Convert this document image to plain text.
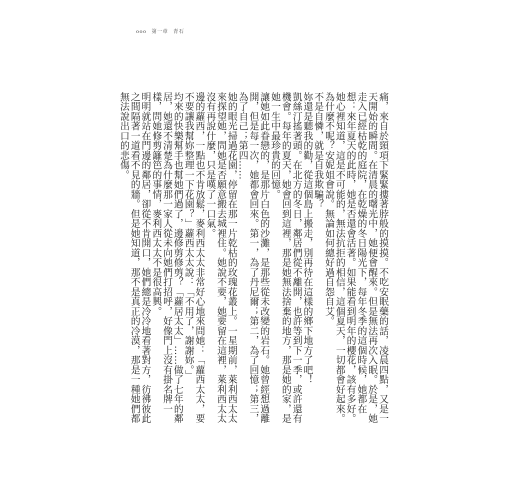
ooo 第一章 青石

痛，來自於頸項下緊緊摟著脖般的摸摸。不吃安眠藥的話，凌晨四點，又是一天開始的瞬間。在清晨的曙光中，她便會醒來。但是無法再次入眠。於是，她走入已經枯乾的庭院，在乾燥的冬日陽光下，每年冬季的這個時候，她都在想：來年夏天的此時，她是否還會活著。如果能看到明年的櫻花，該有多好。她心裡知道，這是不可能的，無法抗拒的相信，這個夏天，一切都會好起來。

為什麼不呢？安妮姐會說。無論如何總好過自怨自艾。

不是自憐，就是自我欺騙？

妳還是聽我的勸，從這個島上搬走，別再待在這樣的鄉下地方了吧！

凱絲汀搖著頭。在北方的冬日，鄰居們從不離開，也許等到下一季，或許還有機會。每年的夏天，她會回到這裡，那是她無法捨棄的地方，那是她的家，是她一生中最珍貴的回憶。

讓她如此眷戀的，是那片白色的沙灘，是那些從未改變的岩石。她曾經想過離開，但是每一次，她都會回來。第一，為了丹尼爾；第二，為了回憶；第三，為了自己；第四……

她的眼光掃過花園，停留在那一片乾枯的玫瑰花叢上。一星期前，萊利西太太來探望她，問她是否願意搬去城裡住。她說不要，她要留在這裡，萊利西太太沒有再說什麼，只是嘆了一口氣。

邊的蘿西，一點也不肯放鬆，麥利西太太非常好心地來問她：「蘿西太太，要不要讓我幫妳整理一下花園？」蘿西太太說：「不用了，謝謝妳。」

均來的快樂幫手也幫她們過了，邊修剪修剪？「蘿居太太」……做了七年的鄰居，她還不清楚為什麼那一家人從未向她們打招呼，好像門上沒有掛名牌一樣，問她修剪籬笆的事情，麥利西太太不是很高興。

明明就站在門邊的鄰居，卻從不肯開口，她們總是冷冷地看著對方，彷彿彼此之間隔著一道看不見的牆。但是她知道，那不是真正的冷漠，那是一種她們都無法說出口的悲傷。
